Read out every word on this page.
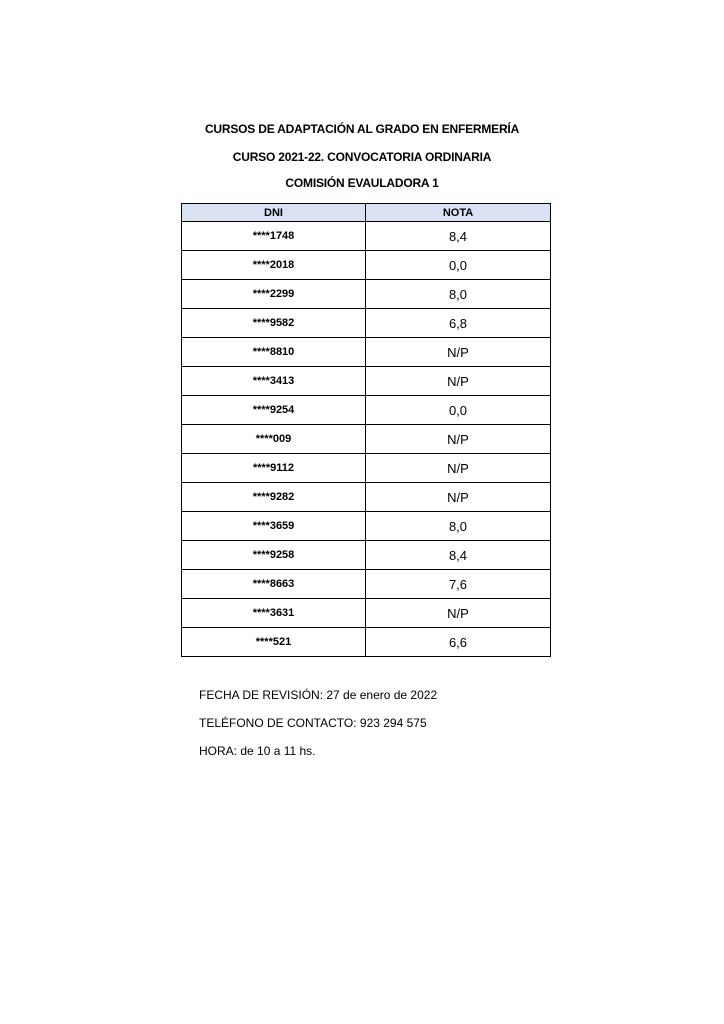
CURSOS DE ADAPTACIÓN AL GRADO EN ENFERMERÍA
CURSO 2021-22. CONVOCATORIA ORDINARIA
COMISIÓN EVAULADORA 1
DNI	NOTA
****1748	8,4
****2018	0,0
****2299	8,0
****9582	6,8
****8810	N/P
****3413	N/P
****9254	0,0
****009	N/P
****9112	N/P
****9282	N/P
****3659	8,0
****9258	8,4
****8663	7,6
****3631	N/P
****521	6,6
FECHA DE REVISIÓN: 27 de enero de 2022
TELÉFONO DE CONTACTO: 923 294 575
HORA: de 10 a 11 hs.
